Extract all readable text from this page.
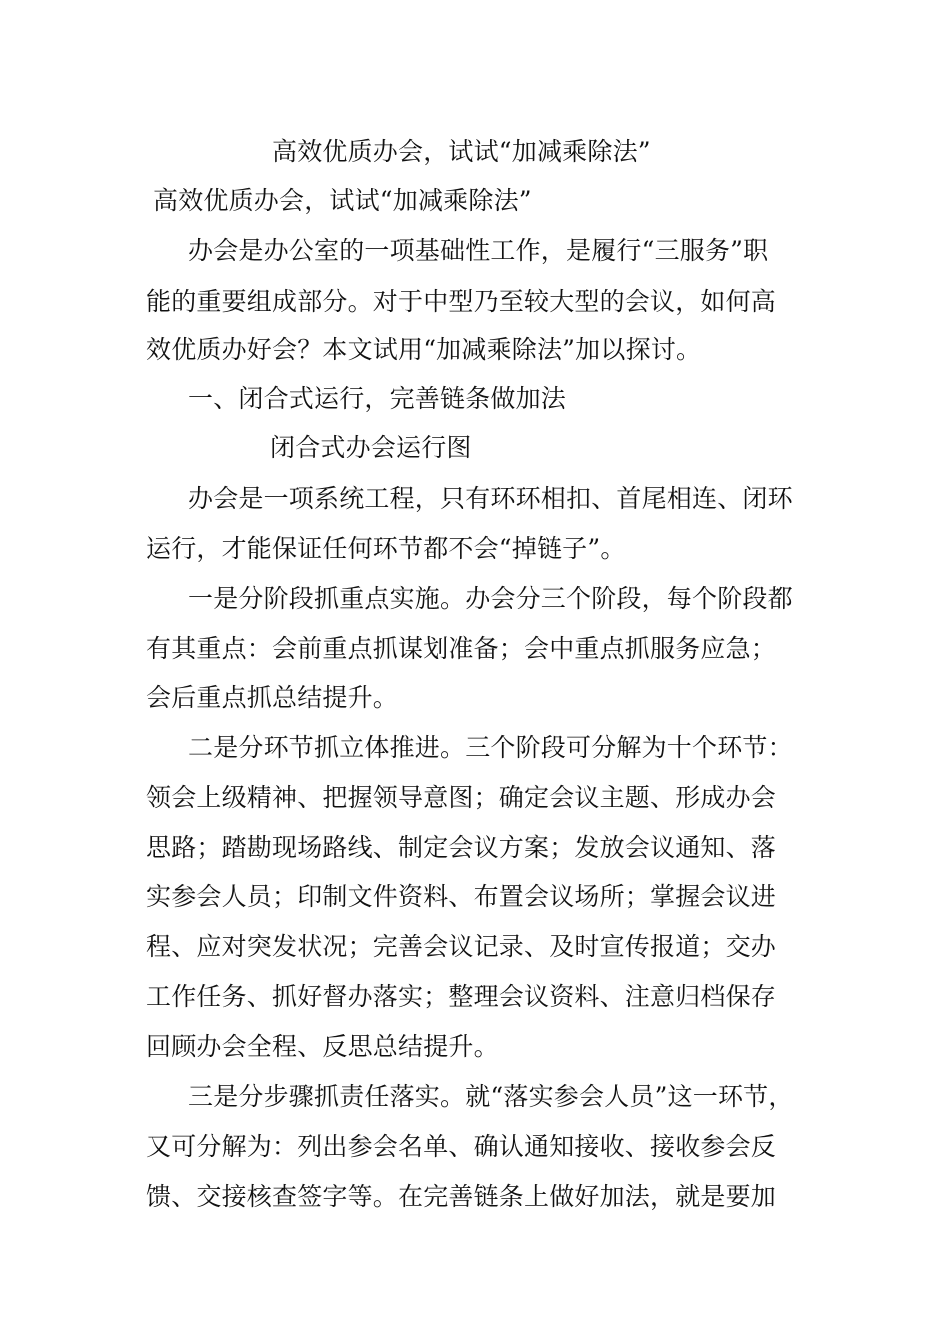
高效优质办会，试试“加减乘除法”

高效优质办会，试试“加减乘除法”

办会是办公室的一项基础性工作，是履行“三服务”职

能的重要组成部分。对于中型乃至较大型的会议，如何高

效优质办好会？本文试用“加减乘除法”加以探讨。

一、闭合式运行，完善链条做加法

闭合式办会运行图

办会是一项系统工程，只有环环相扣、首尾相连、闭环

运行，才能保证任何环节都不会“掉链子”。

一是分阶段抓重点实施。办会分三个阶段，每个阶段都

有其重点：会前重点抓谋划准备；会中重点抓服务应急；

会后重点抓总结提升。

二是分环节抓立体推进。三个阶段可分解为十个环节：

领会上级精神、把握领导意图；确定会议主题、形成办会

思路；踏勘现场路线、制定会议方案；发放会议通知、落

实参会人员；印制文件资料、布置会议场所；掌握会议进

程、应对突发状况；完善会议记录、及时宣传报道；交办

工作任务、抓好督办落实；整理会议资料、注意归档保存

回顾办会全程、反思总结提升。

三是分步骤抓责任落实。就“落实参会人员”这一环节，

又可分解为：列出参会名单、确认通知接收、接收参会反

馈、交接核查签字等。在完善链条上做好加法，就是要加
